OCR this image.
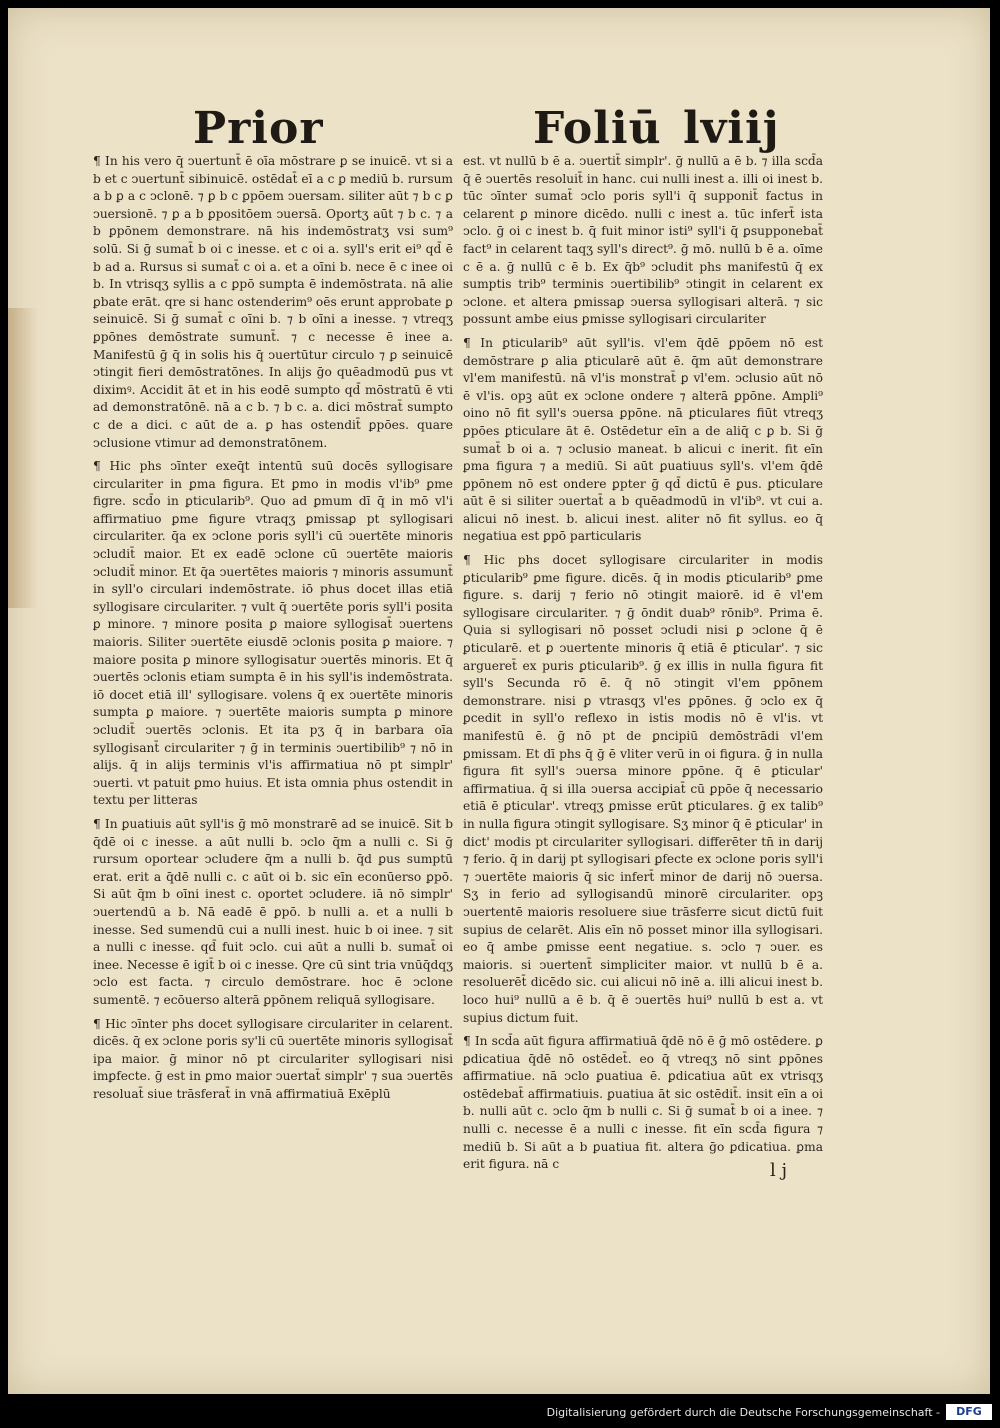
Prior	Foliū lviij

¶ In his vero q̄ ↄuertunt̄ ē oīa mōstrare ꝑ se inuicē. vt si a b et c ↄuertunt̄ sibinuicē. ostēdat̄ eī a c ꝑ mediū b. rursum a b ꝑ a c ↄclonē. ⁊ ꝑ b c ꝑpōem ↄuersam. siliter aūt ⁊ b c ꝑ ↄuersionē. ⁊ ꝑ a b ꝑpositōem ↄuersā. Oportʒ aūt ⁊ b c. ⁊ a b ꝑpōnem demonstrare. nā his indemōstratʒ vsi sum⁹ solū. Si ḡ sumat̄ b oi c inesse. et c oi a. syll's erit ei⁹ qd̄ ē b ad a. Rursus si sumat̄ c oi a. et a oīni b. nece ē c inee oi b. In vtrisqʒ syllis a c ꝑpō sumpta ē indemōstrata. nā alie ꝑbate erāt. qre si hanc ostenderim⁹ oēs erunt approbate ꝑ seinuicē. Si ḡ sumat̄ c oīni b. ⁊ b oīni a inesse. ⁊ vtreqʒ ꝑpōnes demōstrate sumunt̄. ⁊ c necesse ē inee a. Manifestū ḡ q̄ in solis his q̄ ↄuertūtur circulo ⁊ ꝑ seinuicē ↄtingit fieri demōstratōnes. In alijs ḡo quēadmodū ꝑus vt diximꝰ. Accidit āt et in his eodē sumpto qd̄ mōstratū ē vti ad demonstratōnē. nā a c b. ⁊ b c. a. dici mōstrat̄ sumpto c de a dici. c aūt de a. ꝑ has ostendit̄ ꝑpōes. quare ↄclusione vtimur ad demonstratōnem.

¶ Hic phs ↄīnter exeq̄t intentū suū docēs syllogisare circulariter in ꝑma figura. Et ꝑmo in modis vl'ib⁹ ꝑme figre. scd̄o in ꝑticularib⁹. Quo ad ꝑmum dī q̄ in mō vl'i affirmatiuo ꝑme figure vtraqʒ ꝑmissaꝑ pt syllogisari circulariter. q̄a ex ↄclone poris syll'i cū ↄuertēte minoris ↄcludit̄ maior. Et ex eadē ↄclone cū ↄuertēte maioris ↄcludit̄ minor. Et q̄a ↄuertētes maioris ⁊ minoris assumunt̄ in syll'o circulari indemōstrate. iō phus docet illas etiā syllogisare circulariter. ⁊ vult q̄ ↄuertēte poris syll'i posita ꝑ minore. ⁊ minore posita ꝑ maiore syllogisat̄ ↄuertens maioris. Siliter ↄuertēte eiusdē ↄclonis posita ꝑ maiore. ⁊ maiore posita ꝑ minore syllogisatur ↄuertēs minoris. Et q̄ ↄuertēs ↄclonis etiam sumpta ē in his syll'is indemōstrata. iō docet etiā ill' syllogisare. volens q̄ ex ↄuertēte minoris sumpta ꝑ maiore. ⁊ ↄuertēte maioris sumpta ꝑ minore ↄcludit̄ ↄuertēs ↄclonis. Et ita pʒ q̄ in barbara oīa syllogisant̄ circulariter ⁊ ḡ in terminis ↄuertibilib⁹ ⁊ nō in alijs. q̄ in alijs terminis vl'is affirmatiua nō pt simplr' ↄuerti. vt patuit ꝑmo huius. Et ista omnia phus ostendit in textu per litteras

¶ In ꝑuatiuis aūt syll'is ḡ mō monstrarē ad se inuicē. Sit b q̄dē oi c inesse. a aūt nulli b. ↄclo q̄m a nulli c. Si ḡ rursum oportear ↄcludere q̄m a nulli b. q̄d ꝑus sumptū erat. erit a q̄dē nulli c. c aūt oi b. sic eīn econūerso ꝑpō. Si aūt q̄m b oīni inest c. oportet ↄcludere. iā nō simplr' ↄuertendū a b. Nā eadē ē ꝑpō. b nulli a. et a nulli b inesse. Sed sumendū cui a nulli inest. huic b oi inee. ⁊ sit a nulli c inesse. qd̄ fuit ↄclo. cui aūt a nulli b. sumat̄ oi inee. Necesse ē igit̄ b oi c inesse. Qre cū sint tria vnūq̄dqʒ ↄclo est facta. ⁊ circulo demōstrare. hoc ē ↄclone sumentē. ⁊ ecōuerso alterā ꝑpōnem reliquā syllogisare.

¶ Hic ↄīnter phs docet syllogisare circulariter in celarent. dicēs. q̄ ex ↄclone poris sy'li cū ↄuertēte minoris syllogisat̄ ipa maior. ḡ minor nō pt circulariter syllogisari nisi imꝑfecte. ḡ est in ꝑmo maior ↄuertat̄ simplr' ⁊ sua ↄuertēs resoluat̄ siue trāsferat̄ in vnā affirmatiuā Exēplū

est. vt nullū b ē a. ↄuertit̄ simplr'. ḡ nullū a ē b. ⁊ illa scd̄a q̄ ē ↄuertēs resoluit̄ in hanc. cui nulli inest a. illi oi inest b. tūc ↄīnter sumat̄ ↄclo poris syll'i q̄ supponit̄ factus in celarent ꝑ minore dicēdo. nulli c inest a. tūc infert̄ ista ↄclo. ḡ oi c inest b. q̄ fuit minor isti⁹ syll'i q̄ ꝑsupponebat̄ fact⁹ in celarent taqʒ syll's direct⁹. ḡ mō. nullū b ē a. oīme c ē a. ḡ nullū c ē b. Ex q̄b⁹ ↄcludit phs manifestū q̄ ex sumptis trib⁹ terminis ↄuertibilib⁹ ↄtingit in celarent ex ↄclone. et altera ꝑmissaꝑ ↄuersa syllogisari alterā. ⁊ sic possunt ambe eius ꝑmisse syllogisari circulariter

¶ In ꝑticularib⁹ aūt syll'is. vl'em q̄dē ꝑpōem nō est demōstrare ꝑ alia ꝑticularē aūt ē. q̄m aūt demonstrare vl'em manifestū. nā vl'is monstrat̄ ꝑ vl'em. ↄclusio aūt nō ē vl'is. opꝫ aūt ex ↄclone ondere ⁊ alterā ꝑpōne. Ampli⁹ oino nō fit syll's ↄuersa ꝑpōne. nā ꝑticulares fiūt vtreqʒ ꝑpōes ꝑticulare āt ē. Ostēdetur eīn a de aliq̄ c ꝑ b. Si ḡ sumat̄ b oi a. ⁊ ↄclusio maneat. b alicui c inerit. fit eīn ꝑma figura ⁊ a mediū. Si aūt ꝑuatiuus syll's. vl'em q̄dē ꝑpōnem nō est ondere ꝑpter ḡ qd̄ dictū ē ꝑus. ꝑticulare aūt ē si siliter ↄuertat̄ a b quēadmodū in vl'ib⁹. vt cui a. alicui nō inest. b. alicui inest. aliter nō fit syllus. eo q̄ negatiua est ꝑpō particularis

¶ Hic phs docet syllogisare circulariter in modis ꝑticularib⁹ ꝑme figure. dicēs. q̄ in modis ꝑticularib⁹ ꝑme figure. s. darij ⁊ ferio nō ↄtingit maiorē. id ē vl'em syllogisare circulariter. ⁊ ḡ ōndit duab⁹ rōnib⁹. Prima ē. Quia si syllogisari nō posset ↄcludi nisi ꝑ ↄclone q̄ ē ꝑticularē. et ꝑ ↄuertente minoris q̄ etiā ē ꝑticular'. ⁊ sic argueret̄ ex puris ꝑticularib⁹. ḡ ex illis in nulla figura fit syll's Secunda rō ē. q̄ nō ↄtingit vl'em ꝑpōnem demonstrare. nisi ꝑ vtrasqʒ vl'es ꝑpōnes. ḡ ↄclo ex q̄ ꝑcedit in syll'o reflexo in istis modis nō ē vl'is. vt manifestū ē. ḡ nō pt de ꝑncipiū demōstrādi vl'em ꝑmissam. Et dī phs q̄ ḡ ē vliter verū in oi figura. ḡ in nulla figura fit syll's ↄuersa minore ꝑpōne. q̄ ē ꝑticular' affirmatiua. q̄ si illa ↄuersa acciꝑiat̄ cū ꝑpōe q̄ necessario etiā ē ꝑticular'. vtreqʒ ꝑmisse erūt ꝑticulares. ḡ ex talib⁹ in nulla figura ↄtingit syllogisare. Sʒ minor q̄ ē ꝑticular' in dict' modis pt circulariter syllogisari. differēter tn̄ in darij ⁊ ferio. q̄ in darij pt syllogisari ꝑfecte ex ↄclone poris syll'i ⁊ ↄuertēte maioris q̄ sic infert̄ minor de darij nō ↄuersa. Sʒ in ferio ad syllogisandū minorē circulariter. opꝫ ↄuertentē maioris resoluere siue trāsferre sicut dictū fuit supius de celarēt. Alis eīn nō posset minor illa syllogisari. eo q̄ ambe ꝑmisse eent negatiue. s. ↄclo ⁊ ↄuer. es maioris. si ↄuertent̄ simpliciter maior. vt nullū b ē a. resoluerēt̄ dicēdo sic. cui alicui nō inē a. illi alicui inest b. loco hui⁹ nullū a ē b. q̄ ē ↄuertēs hui⁹ nullū b est a. vt supius dictum fuit.

¶ In scd̄a aūt figura affirmatiuā q̄dē nō ē ḡ mō ostēdere. ꝑ ꝑdicatiua q̄dē nō ostēdet̄. eo q̄ vtreqʒ nō sint ꝑpōnes affirmatiue. nā ↄclo ꝑuatiua ē. ꝑdicatiua aūt ex vtrisqʒ ostēdebat̄ affirmatiuis. ꝑuatiua āt sic ostēdit̄. insit eīn a oi b. nulli aūt c. ↄclo q̄m b nulli c. Si ḡ sumat̄ b oi a inee. ⁊ nulli c. necesse ē a nulli c inesse. fit eīn scd̄a figura ⁊ mediū b. Si aūt a b ꝑuatiua fit. altera ḡo ꝑdicatiua. ꝑma erit figura. nā c	l j
Digitalisierung gefördert durch die Deutsche Forschungsgemeinschaft -	DFG
